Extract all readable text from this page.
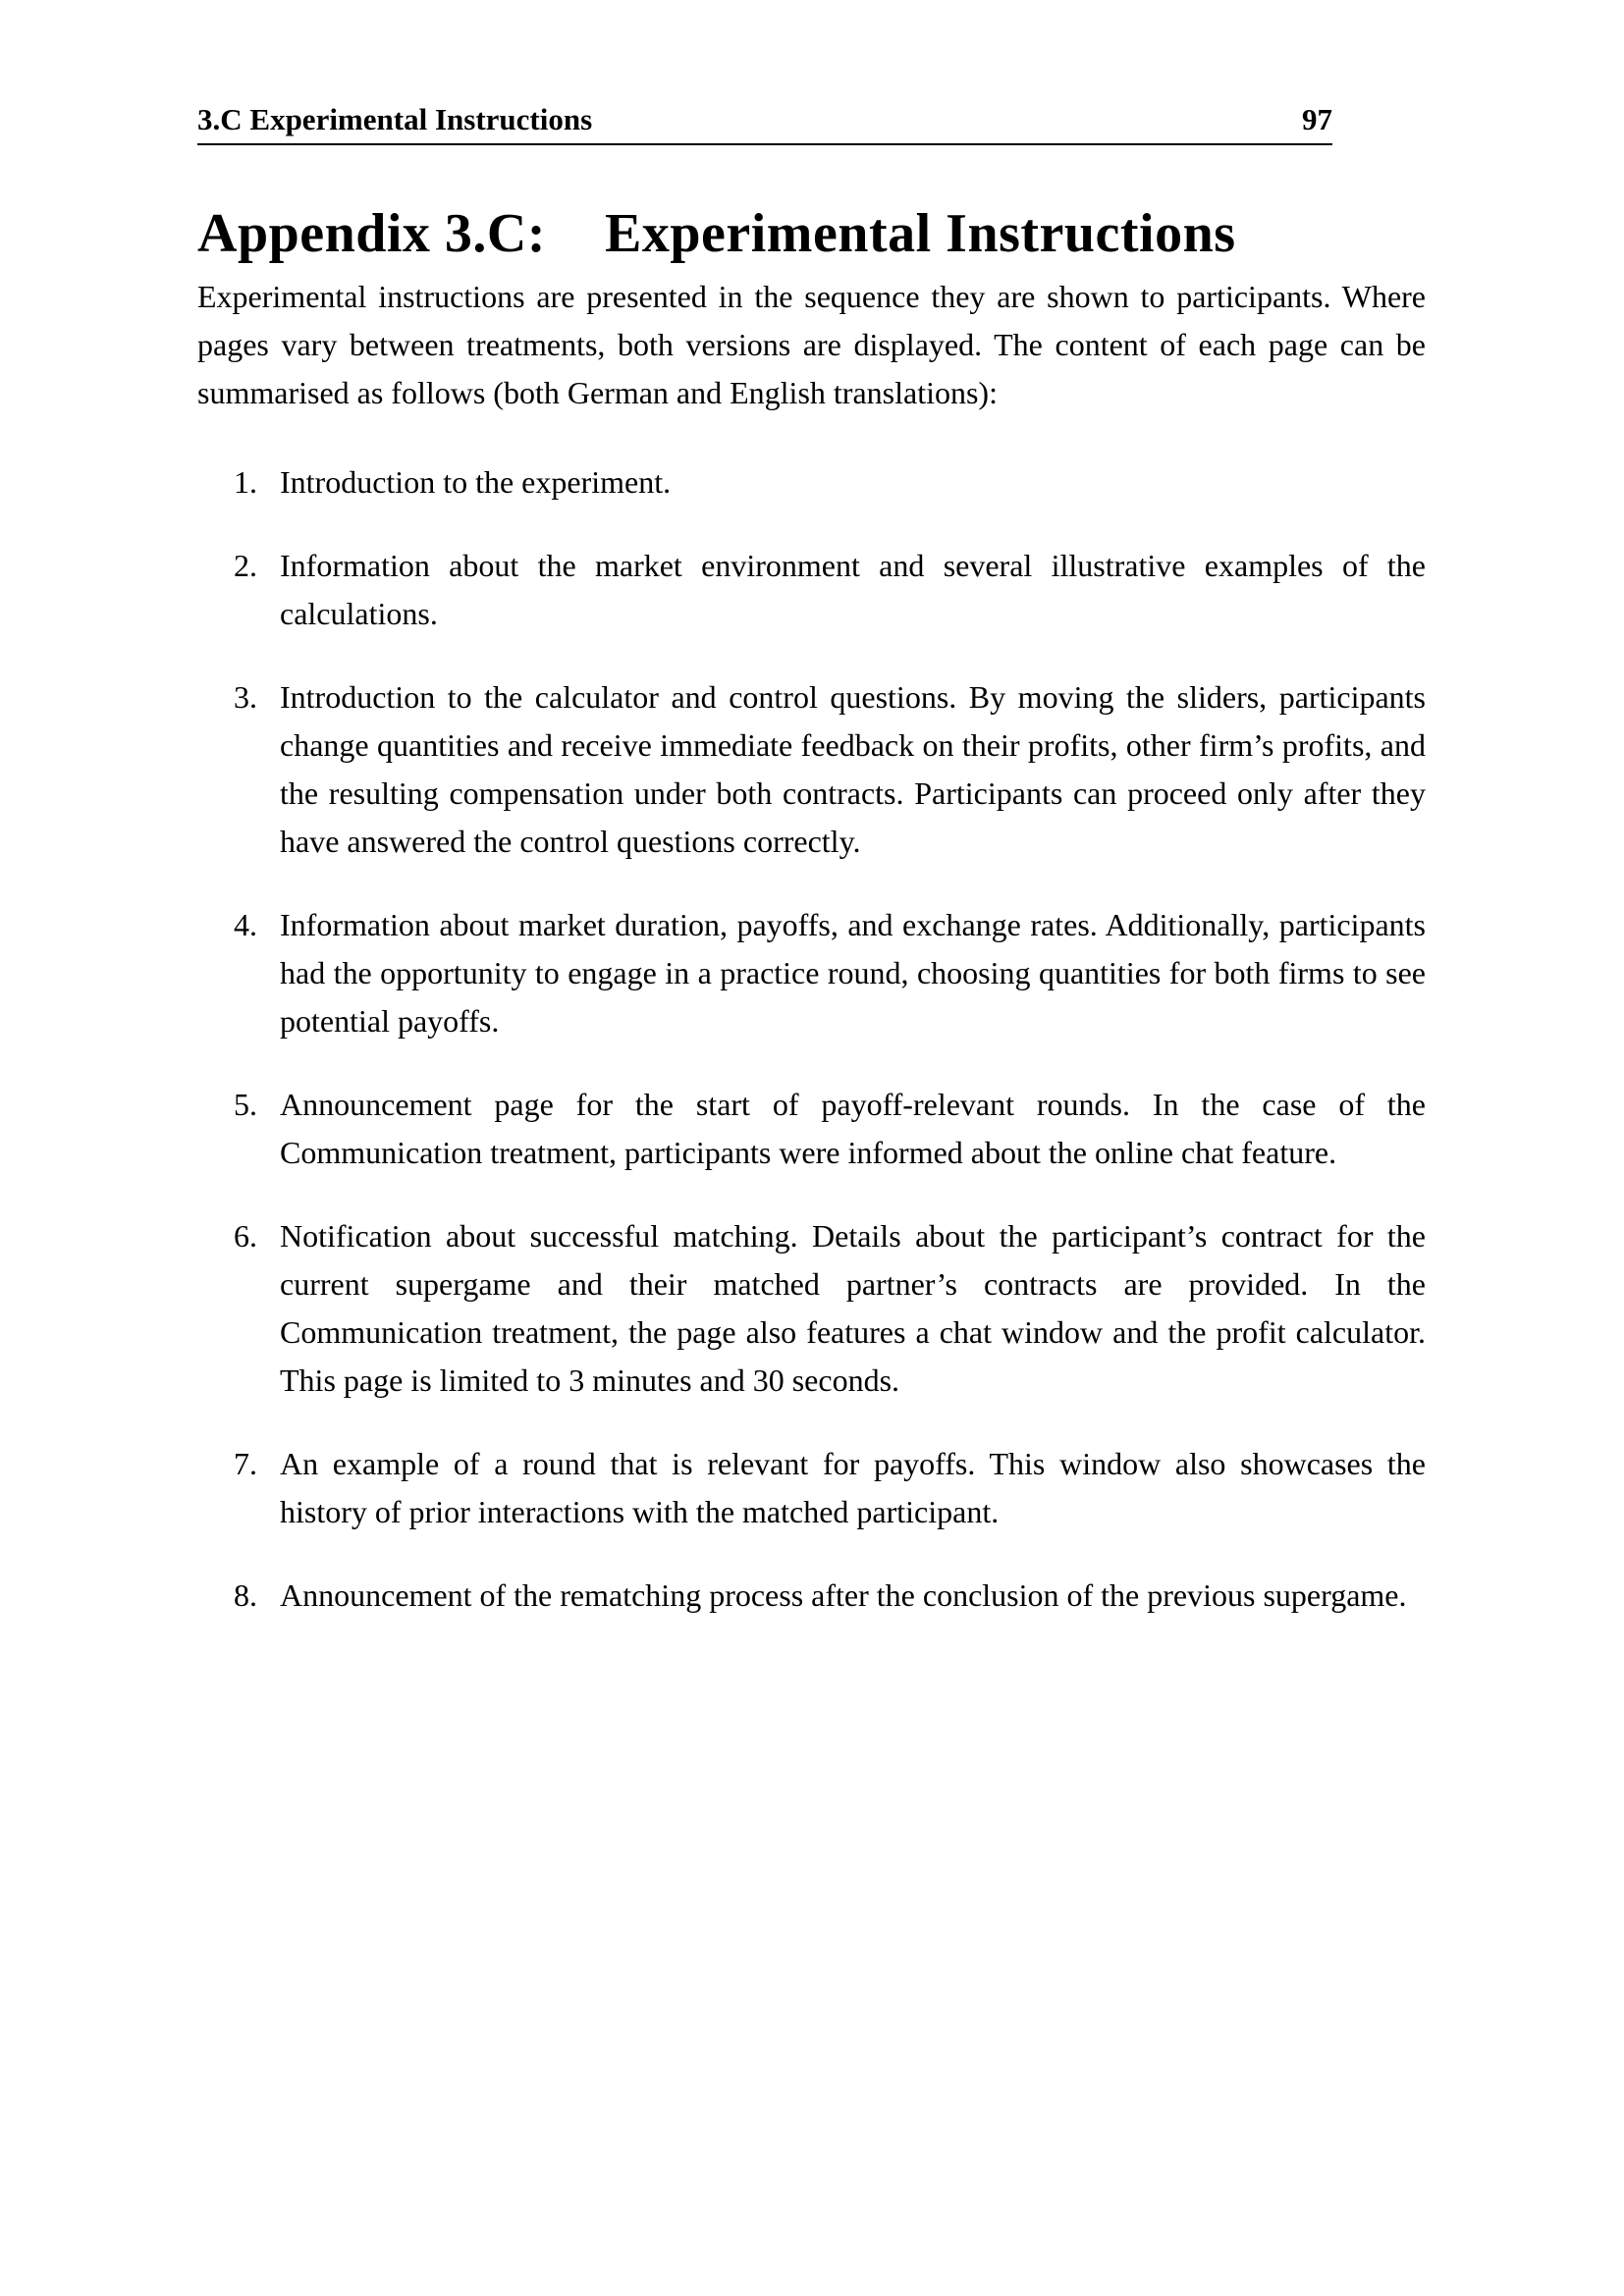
3.C Experimental Instructions	97
Appendix 3.C: Experimental Instructions

Experimental instructions are presented in the sequence they are shown to participants. Where pages vary between treatments, both versions are displayed. The content of each page can be summarised as follows (both German and English translations):

1. Introduction to the experiment.
2. Information about the market environment and several illustrative examples of the calculations.
3. Introduction to the calculator and control questions. By moving the sliders, participants change quantities and receive immediate feedback on their profits, other firm’s profits, and the resulting compensation under both contracts. Participants can proceed only after they have answered the control questions correctly.
4. Information about market duration, payoffs, and exchange rates. Additionally, participants had the opportunity to engage in a practice round, choosing quantities for both firms to see potential payoffs.
5. Announcement page for the start of payoff-relevant rounds. In the case of the Communication treatment, participants were informed about the online chat feature.
6. Notification about successful matching. Details about the participant’s contract for the current supergame and their matched partner’s contracts are provided. In the Communication treatment, the page also features a chat window and the profit calculator. This page is limited to 3 minutes and 30 seconds.
7. An example of a round that is relevant for payoffs. This window also showcases the history of prior interactions with the matched participant.
8. Announcement of the rematching process after the conclusion of the previous supergame.
